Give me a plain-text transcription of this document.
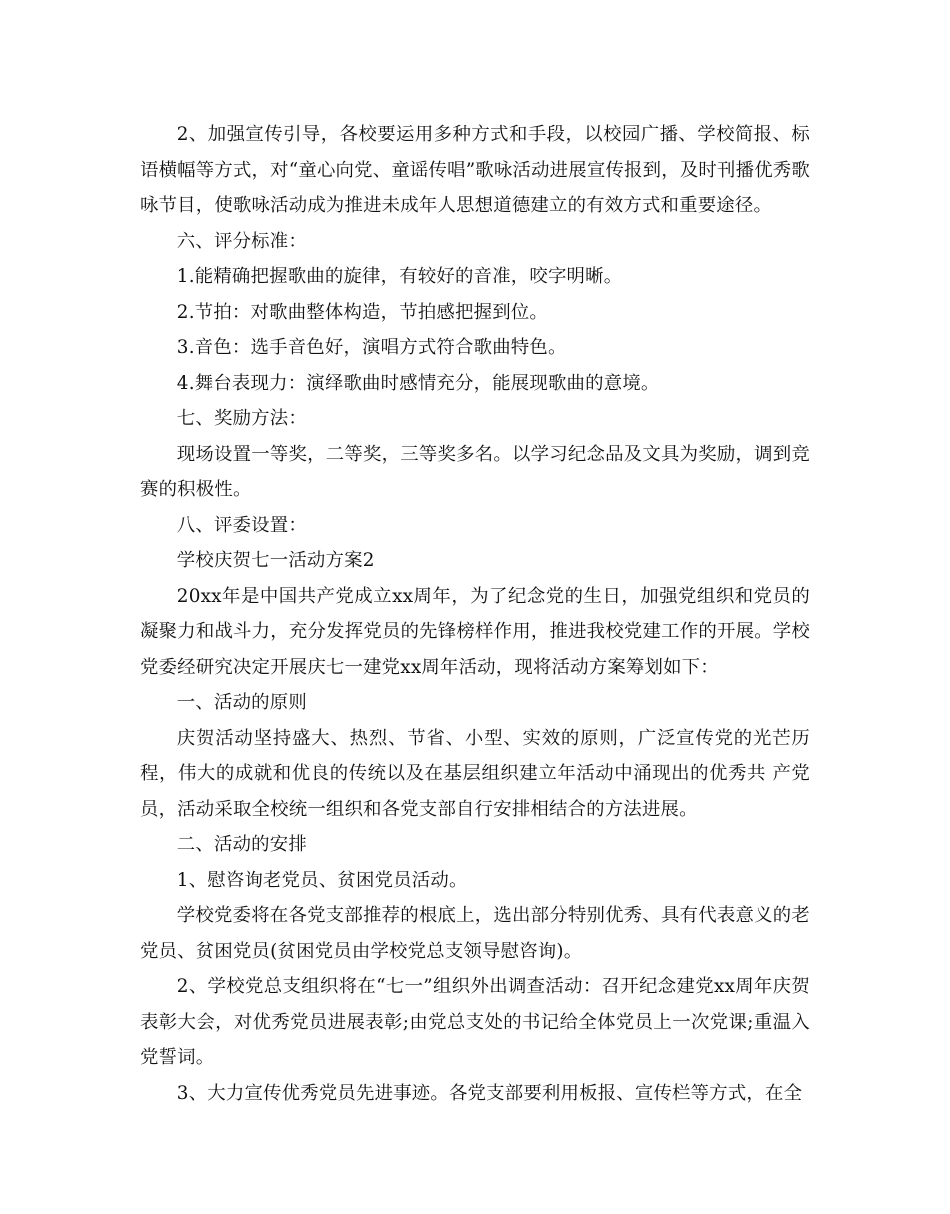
2、加强宣传引导，各校要运用多种方式和手段，以校园广播、学校简报、标语横幅等方式，对“童心向党、童谣传唱”歌咏活动进展宣传报到，及时刊播优秀歌咏节目，使歌咏活动成为推进未成年人思想道德建立的有效方式和重要途径。

六、评分标准：

1.能精确把握歌曲的旋律，有较好的音准，咬字明晰。

2.节拍：对歌曲整体构造，节拍感把握到位。

3.音色：选手音色好，演唱方式符合歌曲特色。

4.舞台表现力：演绎歌曲时感情充分，能展现歌曲的意境。

七、奖励方法：

现场设置一等奖，二等奖，三等奖多名。以学习纪念品及文具为奖励，调到竞赛的积极性。

八、评委设置：

学校庆贺七一活动方案2

20xx年是中国共产党成立xx周年，为了纪念党的生日，加强党组织和党员的凝聚力和战斗力，充分发挥党员的先锋榜样作用，推进我校党建工作的开展。学校党委经研究决定开展庆七一建党xx周年活动，现将活动方案筹划如下：

一、活动的原则

庆贺活动坚持盛大、热烈、节省、小型、实效的原则，广泛宣传党的光芒历程，伟大的成就和优良的传统以及在基层组织建立年活动中涌现出的优秀共 产党员，活动采取全校统一组织和各党支部自行安排相结合的方法进展。

二、活动的安排

1、慰咨询老党员、贫困党员活动。

学校党委将在各党支部推荐的根底上，选出部分特别优秀、具有代表意义的老党员、贫困党员(贫困党员由学校党总支领导慰咨询)。

2、学校党总支组织将在“七一”组织外出调查活动：召开纪念建党xx周年庆贺表彰大会，对优秀党员进展表彰;由党总支处的书记给全体党员上一次党课;重温入党誓词。

3、大力宣传优秀党员先进事迹。各党支部要利用板报、宣传栏等方式，在全
